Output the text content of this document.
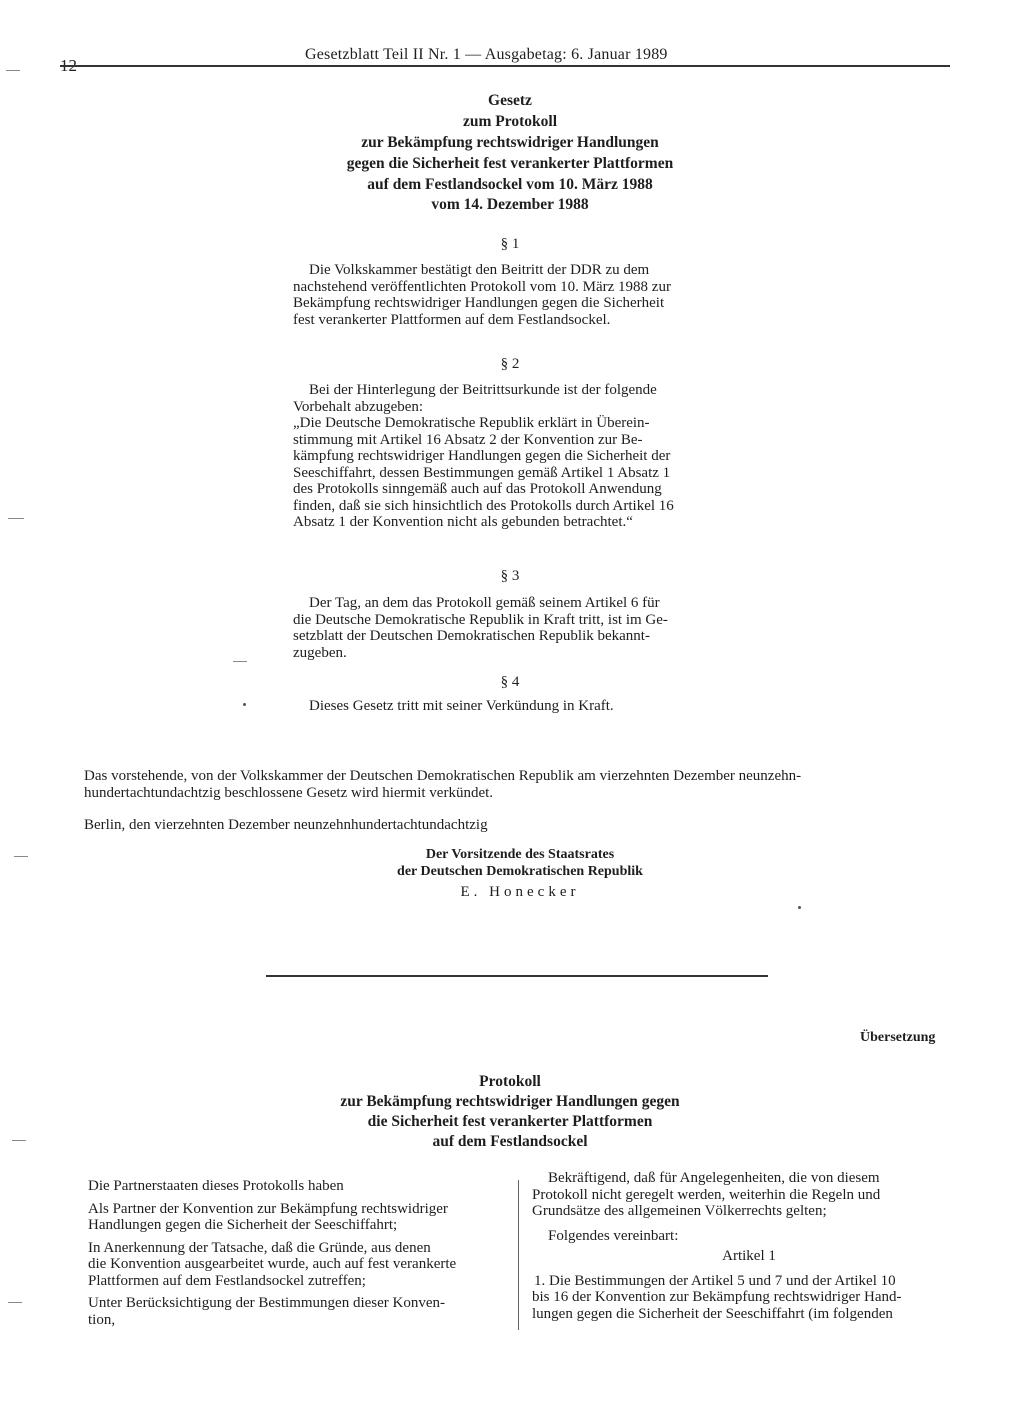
12
Gesetzblatt Teil II Nr. 1 — Ausgabetag: 6. Januar 1989
Gesetz
zum Protokoll
zur Bekämpfung rechtswidriger Handlungen
gegen die Sicherheit fest verankerter Plattformen
auf dem Festlandsockel vom 10. März 1988
vom 14. Dezember 1988
§ 1
Die Volkskammer bestätigt den Beitritt der DDR zu dem
nachstehend veröffentlichten Protokoll vom 10. März 1988 zur
Bekämpfung rechtswidriger Handlungen gegen die Sicherheit
fest verankerter Plattformen auf dem Festlandsockel.
§ 2
Bei der Hinterlegung der Beitrittsurkunde ist der folgende
Vorbehalt abzugeben:
„Die Deutsche Demokratische Republik erklärt in Überein-
stimmung mit Artikel 16 Absatz 2 der Konvention zur Be-
kämpfung rechtswidriger Handlungen gegen die Sicherheit der
Seeschiffahrt, dessen Bestimmungen gemäß Artikel 1 Absatz 1
des Protokolls sinngemäß auch auf das Protokoll Anwendung
finden, daß sie sich hinsichtlich des Protokolls durch Artikel 16
Absatz 1 der Konvention nicht als gebunden betrachtet.“
§ 3
Der Tag, an dem das Protokoll gemäß seinem Artikel 6 für
die Deutsche Demokratische Republik in Kraft tritt, ist im Ge-
setzblatt der Deutschen Demokratischen Republik bekannt-
zugeben.
§ 4
Dieses Gesetz tritt mit seiner Verkündung in Kraft.
Das vorstehende, von der Volkskammer der Deutschen Demokratischen Republik am vierzehnten Dezember neunzehn-
hundertachtundachtzig beschlossene Gesetz wird hiermit verkündet.
Berlin, den vierzehnten Dezember neunzehnhundertachtundachtzig
Der Vorsitzende des Staatsrates
der Deutschen Demokratischen Republik
E. Honecker
Übersetzung
Protokoll
zur Bekämpfung rechtswidriger Handlungen gegen
die Sicherheit fest verankerter Plattformen
auf dem Festlandsockel
Die Partnerstaaten dieses Protokolls haben
Als Partner der Konvention zur Bekämpfung rechtswidriger
Handlungen gegen die Sicherheit der Seeschiffahrt;
In Anerkennung der Tatsache, daß die Gründe, aus denen
die Konvention ausgearbeitet wurde, auch auf fest verankerte
Plattformen auf dem Festlandsockel zutreffen;
Unter Berücksichtigung der Bestimmungen dieser Konven-
tion,
Bekräftigend, daß für Angelegenheiten, die von diesem
Protokoll nicht geregelt werden, weiterhin die Regeln und
Grundsätze des allgemeinen Völkerrechts gelten;
Folgendes vereinbart:
Artikel 1
1. Die Bestimmungen der Artikel 5 und 7 und der Artikel 10
bis 16 der Konvention zur Bekämpfung rechtswidriger Hand-
lungen gegen die Sicherheit der Seeschiffahrt (im folgenden
